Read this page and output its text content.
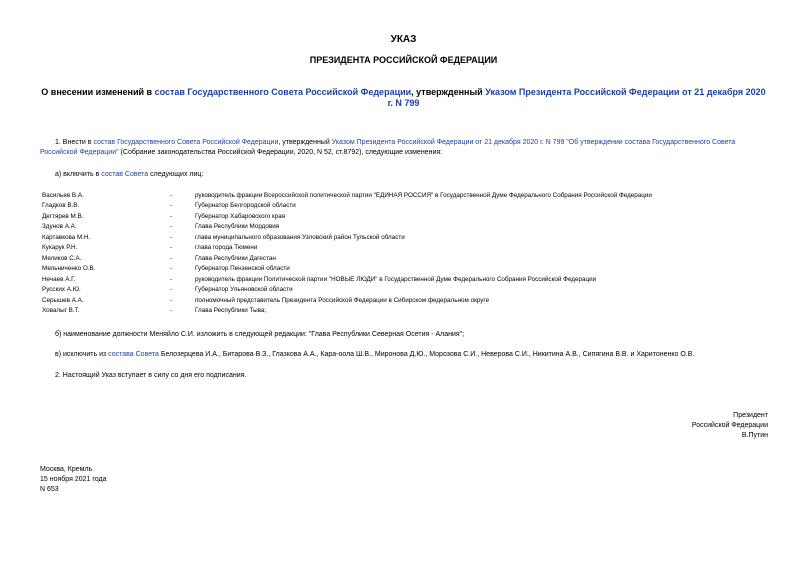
УКАЗ
ПРЕЗИДЕНТА РОССИЙСКОЙ ФЕДЕРАЦИИ
О внесении изменений в состав Государственного Совета Российской Федерации, утвержденный Указом Президента Российской Федерации от 21 декабря 2020 г. N 799
1. Внести в состав Государственного Совета Российской Федерации, утвержденный Указом Президента Российской Федерации от 21 декабря 2020 г. N 799 "Об утверждении состава Государственного Совета Российской Федерации" (Собрание законодательства Российской Федерации, 2020, N 52, ст.8792), следующие изменения:
а) включить в состав Совета следующих лиц:
Васильев В.А.	-	руководитель фракции Всероссийской политической партии "ЕДИНАЯ РОССИЯ" в Государственной Думе Федерального Собрания Российской Федерации
Гладков В.В.	-	Губернатор Белгородской области
Дегтярев М.В.	-	Губернатор Хабаровского края
Здунов А.А.	-	Глава Республики Мордовия
Картавкова М.Н.	-	глава муниципального образования Узловский район Тульской области
Кукарук Р.Н.	-	глава города Тюмени
Меликов С.А.	-	Глава Республики Дагестан
Мельниченко О.В.	-	Губернатор Пензенской области
Нечаев А.Г.	-	руководитель фракции Политической партии "НОВЫЕ ЛЮДИ" в Государственной Думе Федерального Собрания Российской Федерации
Русских А.Ю.	-	Губернатор Ульяновской области
Серышев А.А.	-	полномочный представитель Президента Российской Федерации в Сибирском федеральном округе
Ховалыг В.Т.	-	Глава Республики Тыва;
б) наименование должности Меняйло С.И. изложить в следующей редакции: "Глава Республики Северная Осетия - Алания";
в) исключить из состава Совета Белозерцева И.А., Битарова В.З., Глазкова А.А., Кара-оола Ш.В., Миронова Д.Ю., Морозова С.И., Неверова С.И., Никитина А.В., Сипягина В.В. и Харитоненко О.В.
2. Настоящий Указ вступает в силу со дня его подписания.
Президент
Российской Федерации
В.Путин
Москва, Кремль
15 ноября 2021 года
N 653
